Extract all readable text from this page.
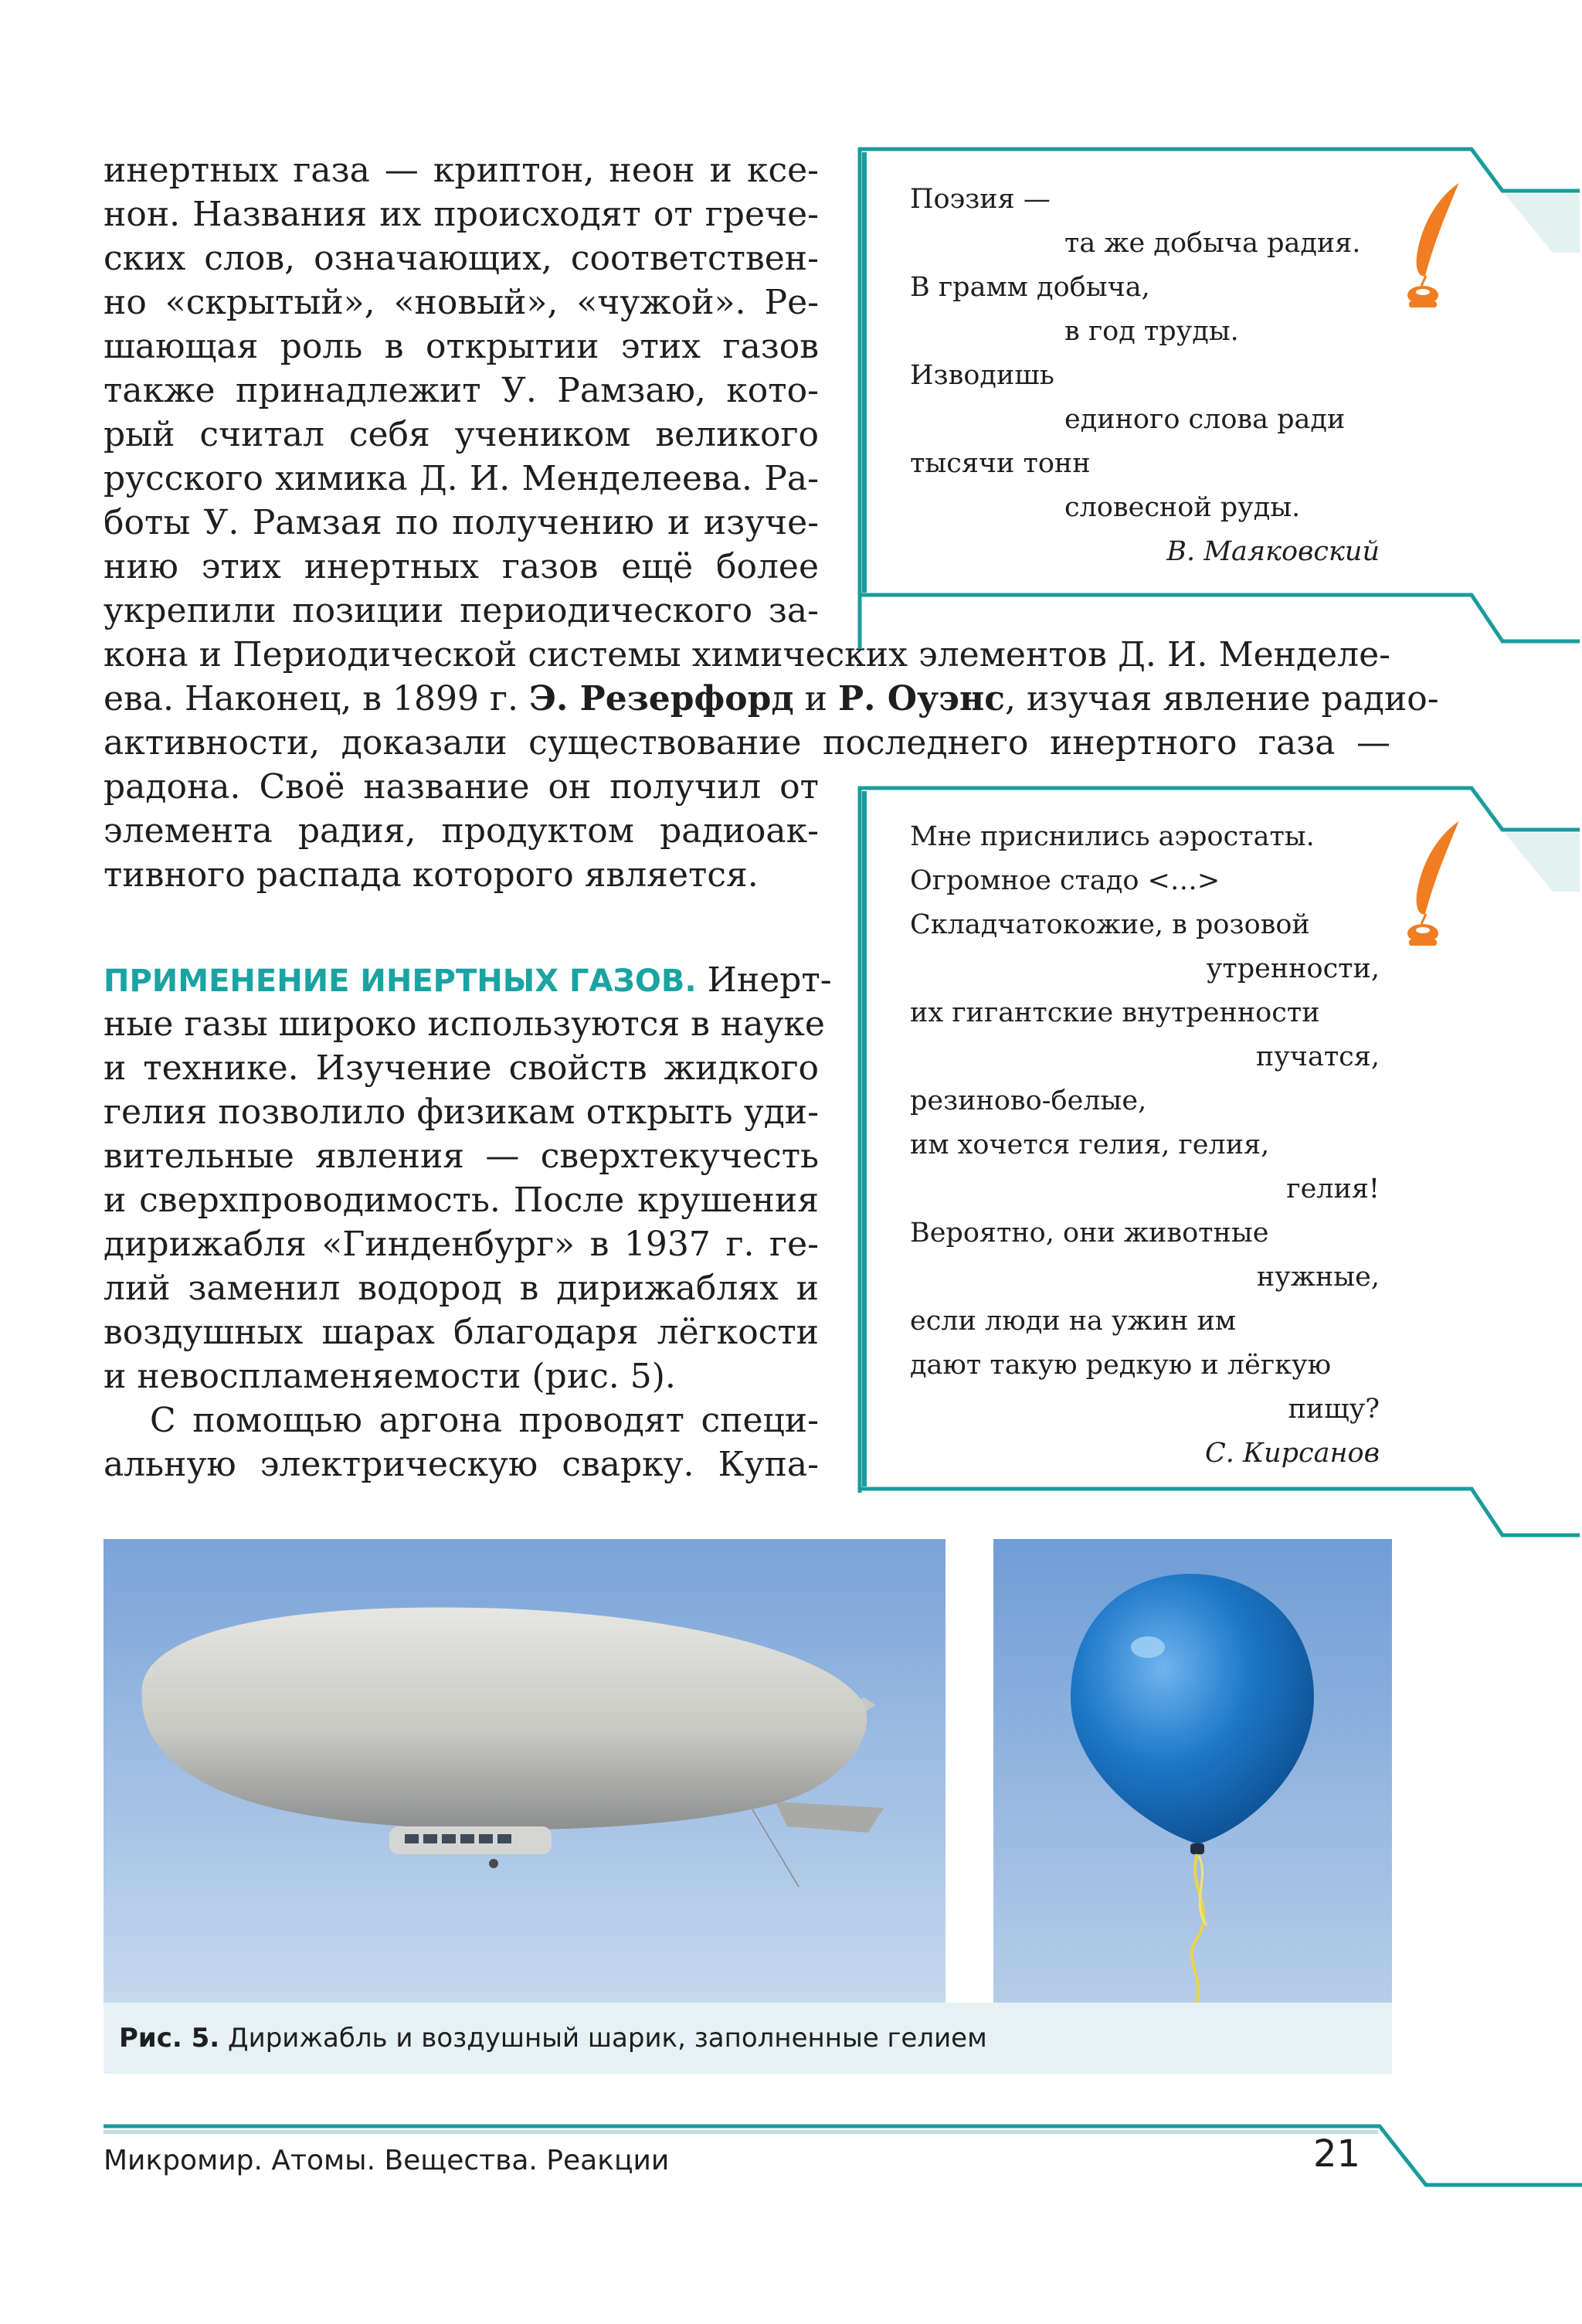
инертных газа — криптон, неон и ксе-
нон. Названия их происходят от грече-
ских слов, означающих, соответствен-
но «скрытый», «новый», «чужой». Ре-
шающая роль в открытии этих газов
также принадлежит У. Рамзаю, кото-
рый считал себя учеником великого
русского химика Д. И. Менделеева. Ра-
боты У. Рамзая по получению и изуче-
нию этих инертных газов ещё более
укрепили позиции периодического за-
кона и Периодической системы химических элементов Д. И. Менделе-
ева. Наконец, в 1899 г. Э. Резерфорд и Р. Оуэнс, изучая явление радио-
активности, доказали существование последнего инертного газа —
радона. Своё название он получил от
элемента радия, продуктом радиоак-
тивного распада которого является.
ПРИМЕНЕНИЕ ИНЕРТНЫХ ГАЗОВ. Инерт-
ные газы широко используются в науке
и технике. Изучение свойств жидкого
гелия позволило физикам открыть уди-
вительные явления — сверхтекучесть
и сверхпроводимость. После крушения
дирижабля «Гинденбург» в 1937 г. ге-
лий заменил водород в дирижаблях и
воздушных шарах благодаря лёгкости
и невоспламеняемости (рис. 5).
С помощью аргона проводят специ-
альную электрическую сварку. Купа-
Поэзия —
та же добыча радия.
В грамм добыча,
в год труды.
Изводишь
единого слова ради
тысячи тонн
словесной руды.
В. Маяковский
Мне приснились аэростаты.
Огромное стадо <…>
Складчатокожие, в розовой
утренности,
их гигантские внутренности
пучатся,
резиново-белые,
им хочется гелия, гелия,
гелия!
Вероятно, они животные
нужные,
если люди на ужин им
дают такую редкую и лёгкую
пищу?
С. Кирсанов
Рис. 5. Дирижабль и воздушный шарик, заполненные гелием
Микромир. Атомы. Вещества. Реакции	21
